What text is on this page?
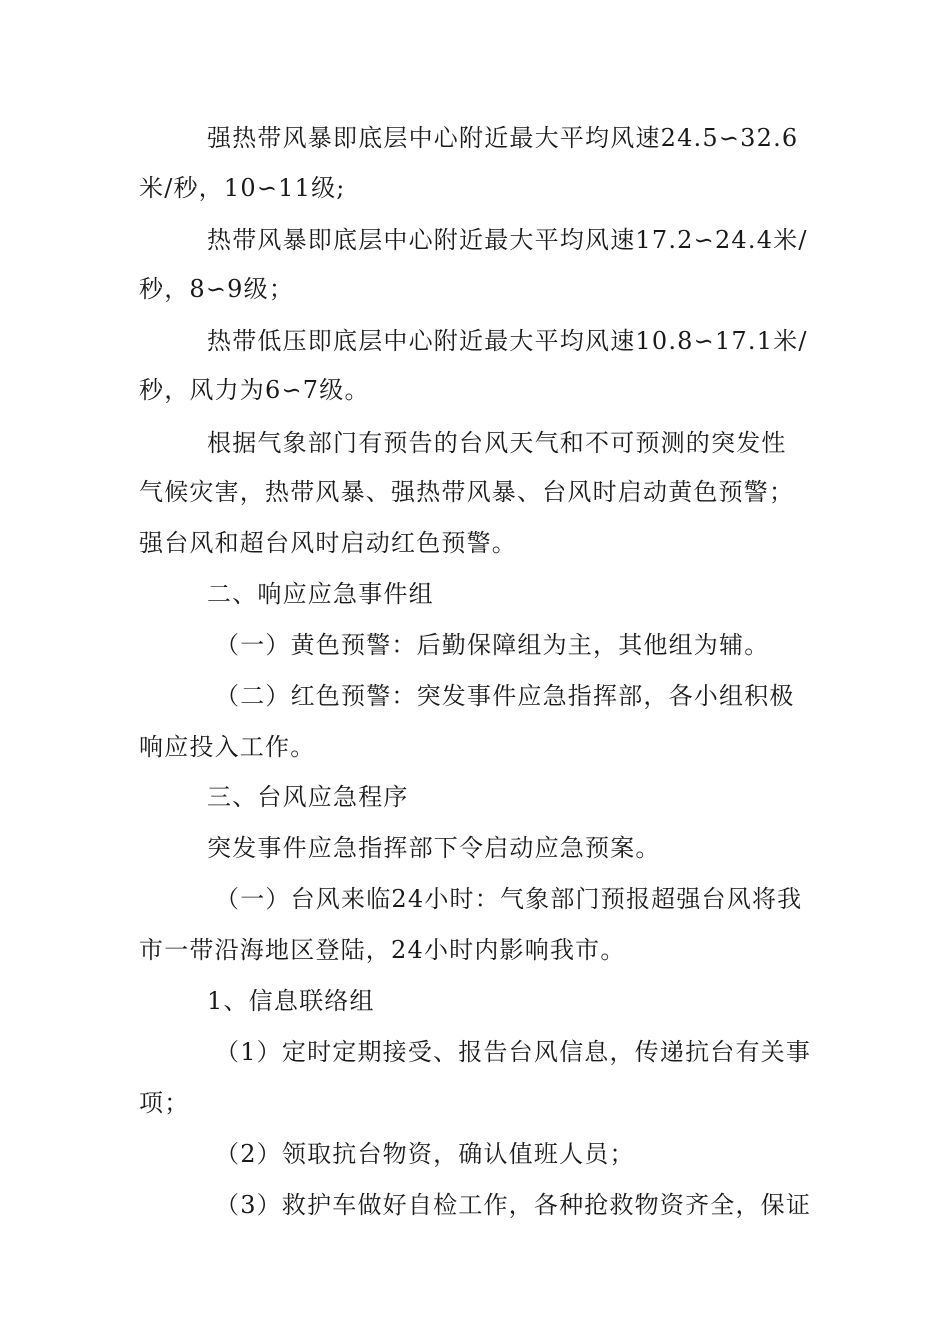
强热带风暴即底层中心附近最大平均风速24.5∽32.6
米/秒，10∽11级;
热带风暴即底层中心附近最大平均风速17.2∽24.4米/
秒，8∽9级；
热带低压即底层中心附近最大平均风速10.8∽17.1米/
秒，风力为6∽7级。
根据气象部门有预告的台风天气和不可预测的突发性
气候灾害，热带风暴、强热带风暴、台风时启动黄色预警；
强台风和超台风时启动红色预警。
二、响应应急事件组
（一）黄色预警：后勤保障组为主，其他组为辅。
（二）红色预警：突发事件应急指挥部，各小组积极
响应投入工作。
三、台风应急程序
突发事件应急指挥部下令启动应急预案。
（一）台风来临24小时：气象部门预报超强台风将我
市一带沿海地区登陆，24小时内影响我市。
1、信息联络组
（1）定时定期接受、报告台风信息，传递抗台有关事
项；
（2）领取抗台物资，确认值班人员；
（3）救护车做好自检工作，各种抢救物资齐全，保证
